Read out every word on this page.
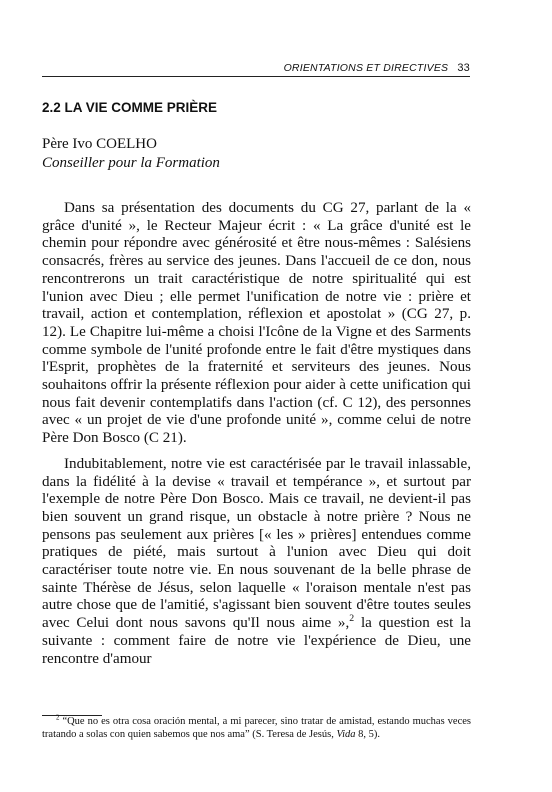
ORIENTATIONS ET DIRECTIVES 33
2.2 LA VIE COMME PRIÈRE
Père Ivo COELHO
Conseiller pour la Formation

Dans sa présentation des documents du CG 27, parlant de la « grâce d'unité », le Recteur Majeur écrit : « La grâce d'unité est le chemin pour répondre avec générosité et être nous-mêmes : Salésiens consacrés, frères au service des jeunes. Dans l'accueil de ce don, nous rencontrerons un trait caractéristique de notre spiritualité qui est l'union avec Dieu ; elle permet l'unification de notre vie : prière et travail, action et contemplation, réflexion et apostolat » (CG 27, p. 12). Le Chapitre lui-même a choisi l'Icône de la Vigne et des Sarments comme symbole de l'unité profonde entre le fait d'être mystiques dans l'Esprit, prophètes de la fraternité et serviteurs des jeunes. Nous souhaitons offrir la présente réflexion pour aider à cette unification qui nous fait devenir contemplatifs dans l'action (cf. C 12), des personnes avec « un projet de vie d'une profonde unité », comme celui de notre Père Don Bosco (C 21).

Indubitablement, notre vie est caractérisée par le travail inlassable, dans la fidélité à la devise « travail et tempérance », et surtout par l'exemple de notre Père Don Bosco. Mais ce travail, ne devient-il pas bien souvent un grand risque, un obstacle à notre prière ? Nous ne pensons pas seulement aux prières [« les » prières] entendues comme pratiques de piété, mais surtout à l'union avec Dieu qui doit caractériser toute notre vie. En nous souvenant de la belle phrase de sainte Thérèse de Jésus, selon laquelle « l'oraison mentale n'est pas autre chose que de l'amitié, s'agissant bien souvent d'être toutes seules avec Celui dont nous savons qu'Il nous aime »,$^2$ la question est la suivante : comment faire de notre vie l'expérience de Dieu, une rencontre d'amour

$^2$ “Que no es otra cosa oración mental, a mi parecer, sino tratar de amistad, estando muchas veces tratando a solas con quien sabemos que nos ama” (S. Teresa de Jesús, Vida 8, 5).
